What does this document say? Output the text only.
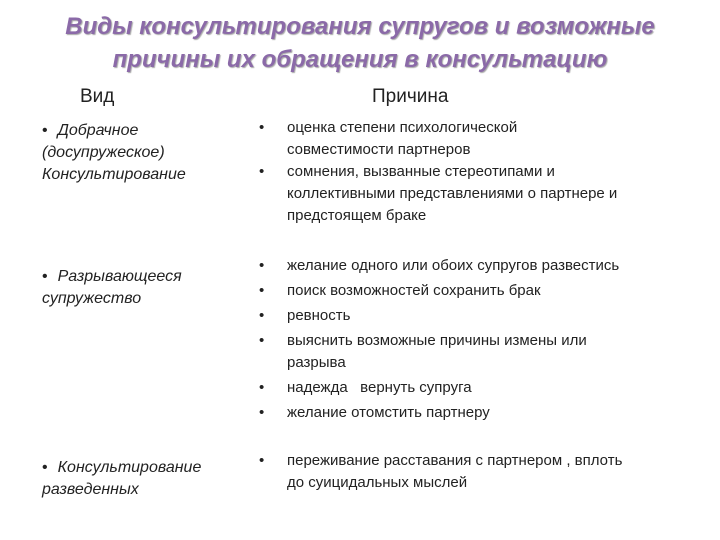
Виды консультирования супругов и возможные
причины их обращения в консультацию
Вид	Причина
• Добрачное
(досупружеское)
Консультирование
• оценка степени психологической
совместимости партнеров
• сомнения, вызванные стереотипами и
коллективными представлениями о партнере и
предстоящем браке
• Разрывающееся
супружество
• желание одного или обоих супругов развестись
• поиск возможностей сохранить брак
• ревность
• выяснить возможные причины измены или
разрыва
• надежда   вернуть супруга
• желание отомстить партнеру
• Консультирование
разведенных
• переживание расставания с партнером , вплоть
до суицидальных мыслей
